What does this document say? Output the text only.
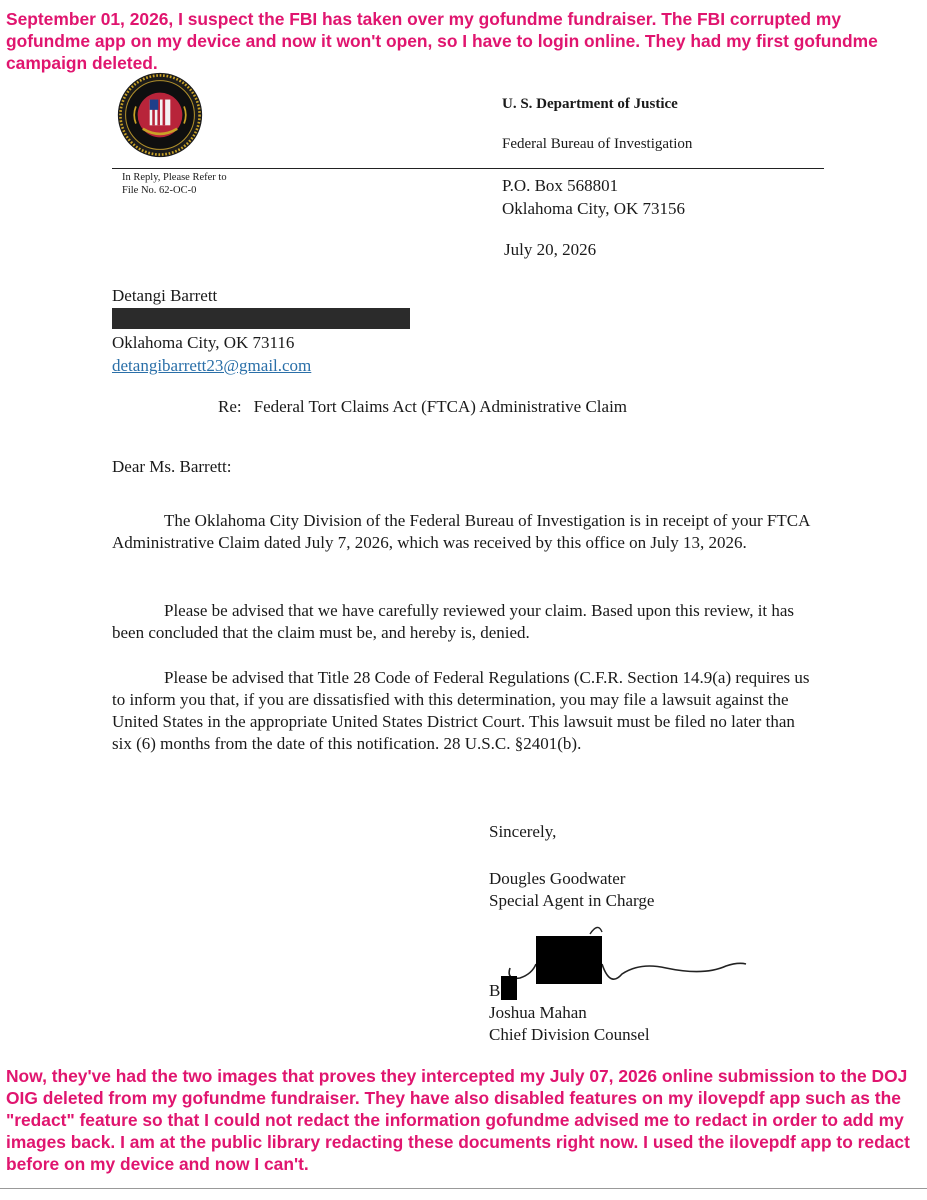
September 01, 2026, I suspect the FBI has taken over my gofundme fundraiser. The FBI corrupted my gofundme app on my device and now it won't open, so I have to login online. They had my first gofundme campaign deleted.

U. S. Department of Justice
Federal Bureau of Investigation
In Reply, Please Refer to
File No. 62-OC-0	P.O. Box 568801
Oklahoma City, OK 73156
July 20, 2026
Detangi Barrett
Oklahoma City, OK 73116
detangibarrett23@gmail.com
Re: Federal Tort Claims Act (FTCA) Administrative Claim
Dear Ms. Barrett:

The Oklahoma City Division of the Federal Bureau of Investigation is in receipt of your FTCA Administrative Claim dated July 7, 2026, which was received by this office on July 13, 2026.

Please be advised that we have carefully reviewed your claim. Based upon this review, it has been concluded that the claim must be, and hereby is, denied.

Please be advised that Title 28 Code of Federal Regulations (C.F.R. Section 14.9(a) requires us to inform you that, if you are dissatisfied with this determination, you may file a lawsuit against the United States in the appropriate United States District Court. This lawsuit must be filed no later than six (6) months from the date of this notification. 28 U.S.C. §2401(b).

Sincerely,
Dougles Goodwater
Special Agent in Charge
B
Joshua Mahan
Chief Division Counsel

Now, they've had the two images that proves they intercepted my July 07, 2026 online submission to the DOJ OIG deleted from my gofundme fundraiser. They have also disabled features on my ilovepdf app such as the "redact" feature so that I could not redact the information gofundme advised me to redact in order to add my images back. I am at the public library redacting these documents right now. I used the ilovepdf app to redact before on my device and now I can't.
